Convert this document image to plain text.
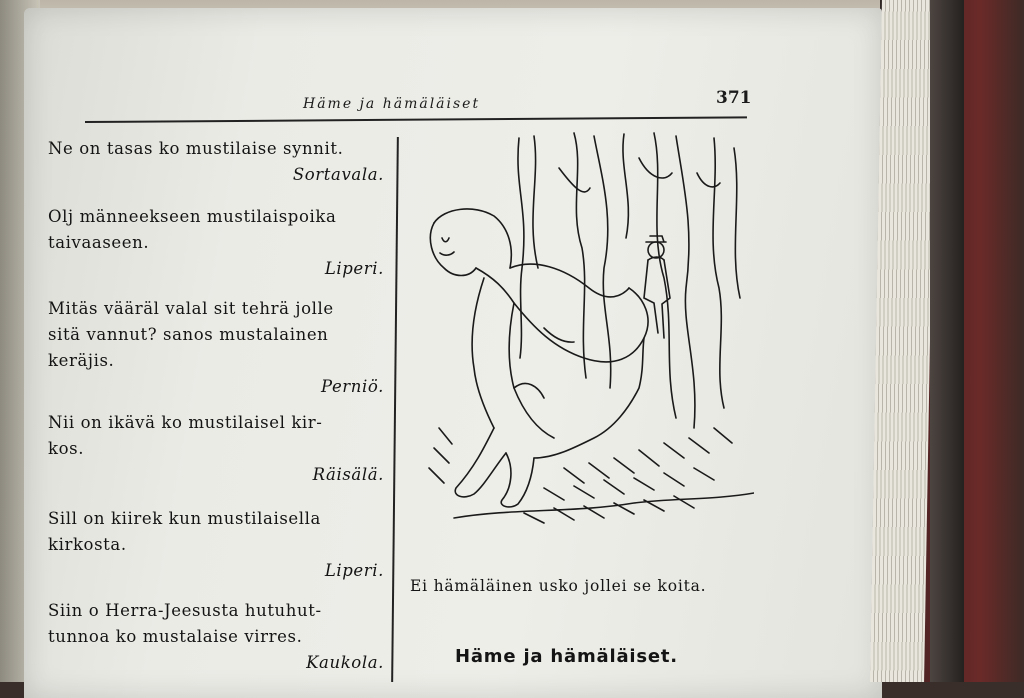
Häme ja hämäläiset	371
Ne on tasas ko mustilaise synnit.
Sortavala.
Olj männeekseen mustilaispoika
taivaaseen.
Liperi.
Mitäs vääräl valal sit tehrä jolle
sitä vannut? sanos mustalainen
keräjis.
Perniö.
Nii on ikävä ko mustilaisel kir-
kos.
Räisälä.
Sill on kiirek kun mustilaisella
kirkosta.
Liperi.
Siin o Herra-Jeesusta hutuhut-
tunnoa ko mustalaise virres.
Kaukola.
Ei hämäläinen usko jollei se koita.
Häme ja hämäläiset.
